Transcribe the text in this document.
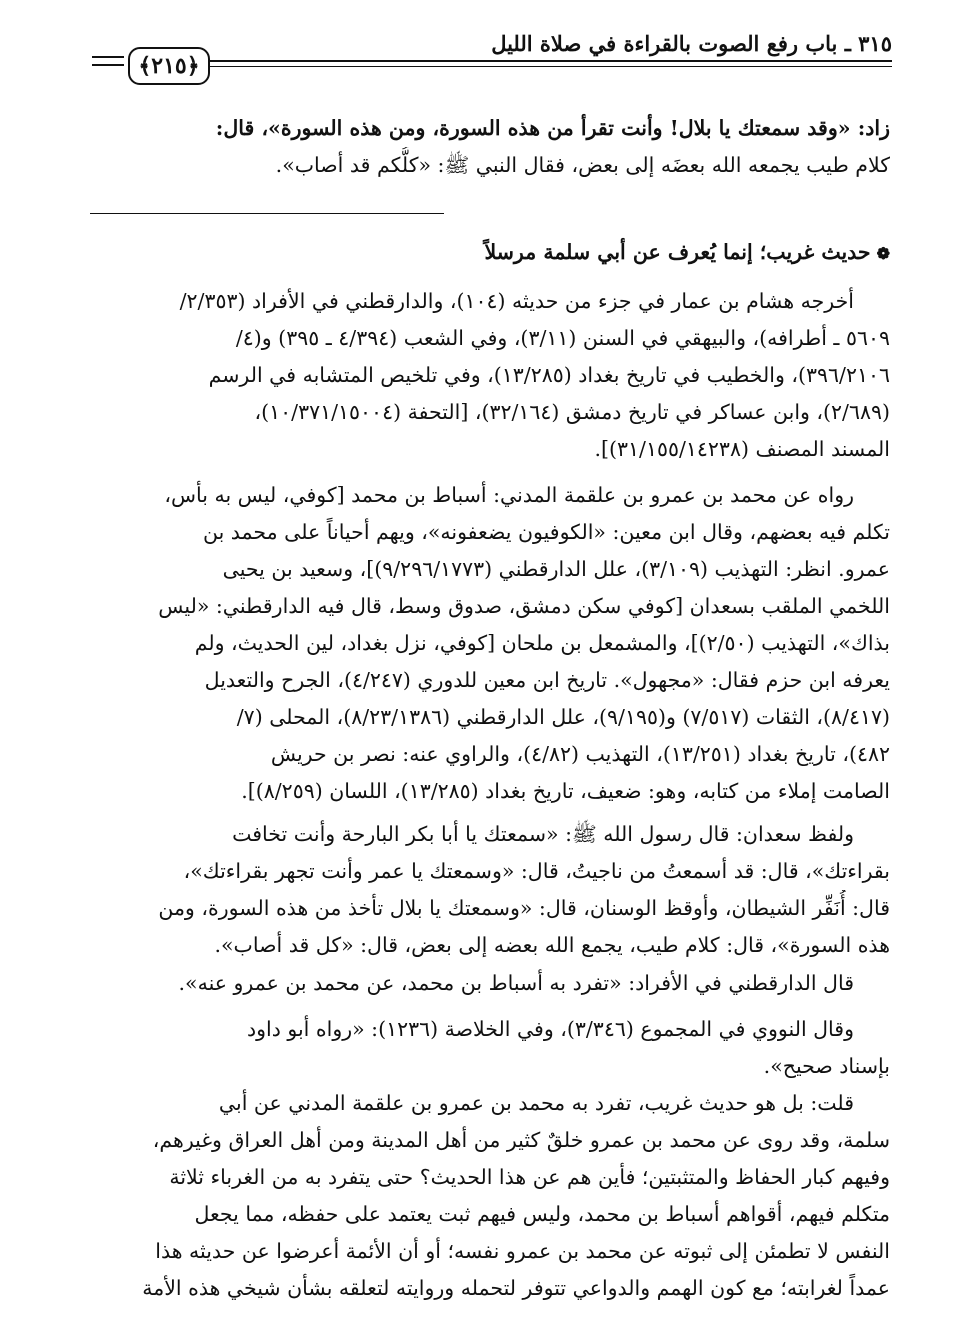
٣١٥ ـ باب رفع الصوت بالقراءة في صلاة الليل
﴿٢١٥﴾
زاد: «وقد سمعتك يا بلال! وأنت تقرأ من هذه السورة، ومن هذه السورة»، قال:
كلام طيب يجمعه الله بعضَه إلى بعض، فقال النبي ﷺ: «كلُّكم قد أصاب».
❁حديث غريب؛ إنما يُعرف عن أبي سلمة مرسلاً
أخرجه هشام بن عمار في جزء من حديثه (١٠٤)، والدارقطني في الأفراد (٢/٣٥٣/
٥٦٠٩ ـ أطرافه)، والبيهقي في السنن (٣/١١)، وفي الشعب (٤/٣٩٤ ـ ٣٩٥) و(٤/
٣٩٦/٢١٠٦)، والخطيب في تاريخ بغداد (١٣/٢٨٥)، وفي تلخيص المتشابه في الرسم
(٢/٦٨٩)، وابن عساكر في تاريخ دمشق (٣٢/١٦٤)، [التحفة (١٠/٣٧١/١٥٠٠٤)،
المسند المصنف (٣١/١٥٥/١٤٢٣٨)].
رواه عن محمد بن عمرو بن علقمة المدني: أسباط بن محمد [كوفي، ليس به بأس،
تكلم فيه بعضهم، وقال ابن معين: «الكوفيون يضعفونه»، ويهم أحياناً على محمد بن
عمرو. انظر: التهذيب (٣/١٠٩)، علل الدارقطني (٩/٢٩٦/١٧٧٣)]، وسعيد بن يحيى
اللخمي الملقب بسعدان [كوفي سكن دمشق، صدوق وسط، قال فيه الدارقطني: «ليس
بذاك»، التهذيب (٢/٥٠)]، والمشمعل بن ملحان [كوفي، نزل بغداد، لين الحديث، ولم
يعرفه ابن حزم فقال: «مجهول». تاريخ ابن معين للدوري (٤/٢٤٧)، الجرح والتعديل
(٨/٤١٧)، الثقات (٧/٥١٧) و(٩/١٩٥)، علل الدارقطني (٨/٢٣/١٣٨٦)، المحلى (٧/
٤٨٢)، تاريخ بغداد (١٣/٢٥١)، التهذيب (٤/٨٢)، والراوي عنه: نصر بن حريش
الصامت إملاء من كتابه، وهو: ضعيف، تاريخ بغداد (١٣/٢٨٥)، اللسان (٨/٢٥٩)].
ولفظ سعدان: قال رسول الله ﷺ: «سمعتك يا أبا بكر البارحة وأنت تخافت
بقراءتك»، قال: قد أسمعتُ من ناجيتُ، قال: «وسمعتك يا عمر وأنت تجهر بقراءتك»،
قال: أُنَفِّر الشيطان، وأوقظ الوسنان، قال: «وسمعتك يا بلال تأخذ من هذه السورة، ومن
هذه السورة»، قال: كلام طيب، يجمع الله بعضه إلى بعض، قال: «كل قد أصاب».
قال الدارقطني في الأفراد: «تفرد به أسباط بن محمد، عن محمد بن عمرو عنه».
وقال النووي في المجموع (٣/٣٤٦)، وفي الخلاصة (١٢٣٦): «رواه أبو داود
بإسناد صحيح».
قلت: بل هو حديث غريب، تفرد به محمد بن عمرو بن علقمة المدني عن أبي
سلمة، وقد روى عن محمد بن عمرو خلقٌ كثير من أهل المدينة ومن أهل العراق وغيرهم،
وفيهم كبار الحفاظ والمتثبتين؛ فأين هم عن هذا الحديث؟ حتى يتفرد به من الغرباء ثلاثة
متكلم فيهم، أقواهم أسباط بن محمد، وليس فيهم ثبت يعتمد على حفظه، مما يجعل
النفس لا تطمئن إلى ثبوته عن محمد بن عمرو نفسه؛ أو أن الأئمة أعرضوا عن حديثه هذا
عمداً لغرابته؛ مع كون الهمم والدواعي تتوفر لتحمله وروايته لتعلقه بشأن شيخي هذه الأمة
